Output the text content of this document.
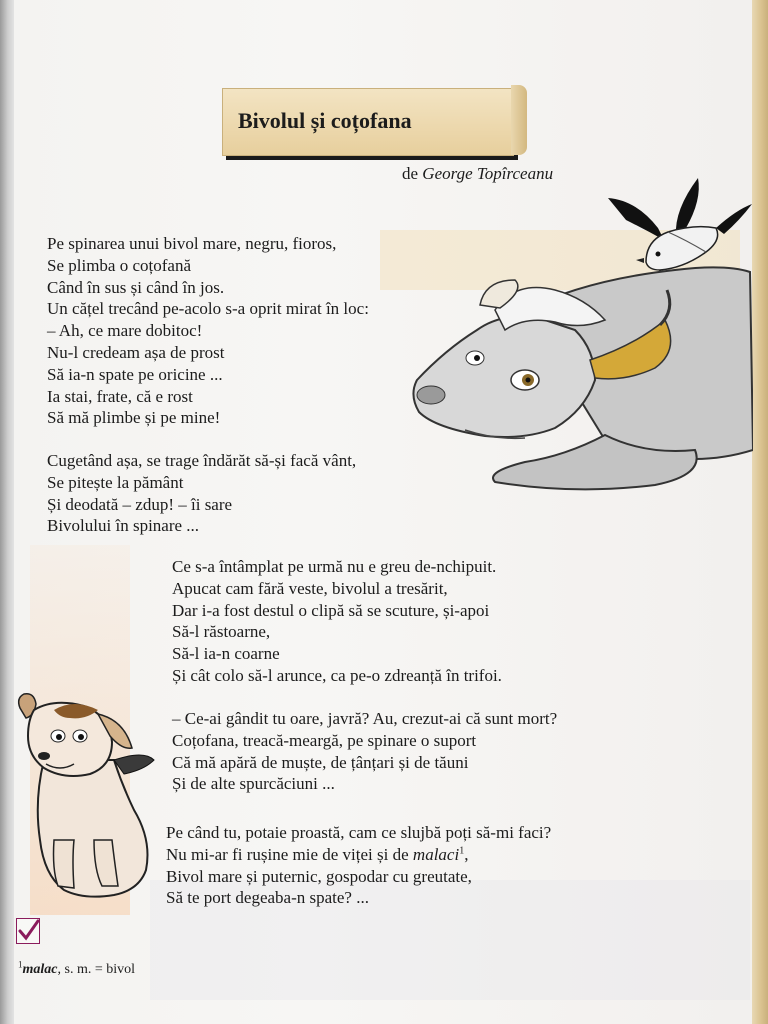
Bivolul și coțofana
de George Topîrceanu
Pe spinarea unui bivol mare, negru, fioros,
Se plimba o coțofană
Când în sus și când în jos.
Un cățel trecând pe-acolo s-a oprit mirat în loc:
– Ah, ce mare dobitoc!
Nu-l credeam așa de prost
Să ia-n spate pe oricine ...
Ia stai, frate, că e rost
Să mă plimbe și pe mine!
Cugetând așa, se trage îndărăt să-și facă vânt,
Se pitește la pământ
Și deodată – zdup! – îi sare
Bivolului în spinare ...
Ce s-a întâmplat pe urmă nu e greu de-nchipuit.
Apucat cam fără veste, bivolul a tresărit,
Dar i-a fost destul o clipă să se scuture, și-apoi
Să-l răstoarne,
Să-l ia-n coarne
Și cât colo să-l arunce, ca pe-o zdreanță în trifoi.
– Ce-ai gândit tu oare, javră? Au, crezut-ai că sunt mort?
Coțofana, treacă-meargă, pe spinare o suport
Că mă apără de muște, de țânțari și de tăuni
Și de alte spurcăciuni ...
Pe când tu, potaie proastă, cam ce slujbă poți să-mi faci?
Nu mi-ar fi rușine mie de viței și de malaci$^1$,
Bivol mare și puternic, gospodar cu greutate,
Să te port degeaba-n spate? ...
$^1$malac, s. m. = bivol
